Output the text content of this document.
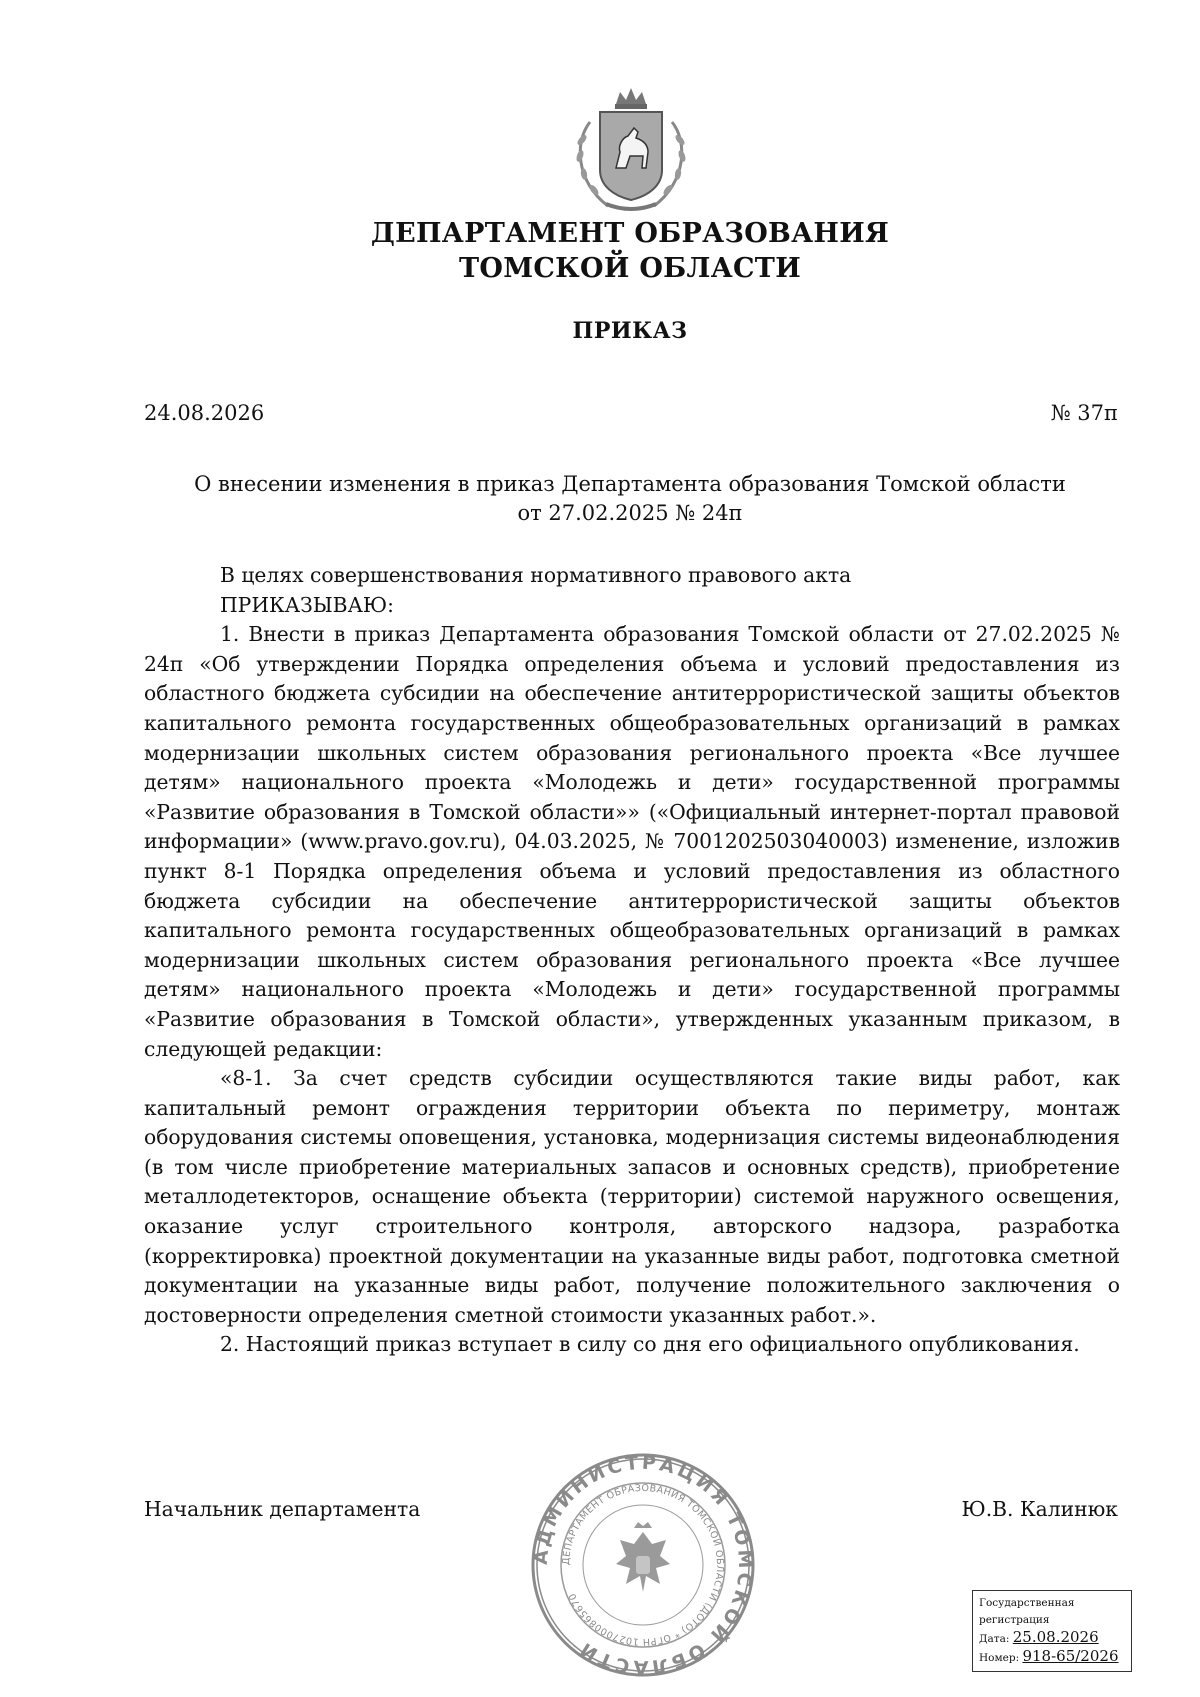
ДЕПАРТАМЕНТ ОБРАЗОВАНИЯ
ТОМСКОЙ ОБЛАСТИ
ПРИКАЗ
24.08.2026	№ 37п
О внесении изменения в приказ Департамента образования Томской области
от 27.02.2025 № 24п

В целях совершенствования нормативного правового акта

ПРИКАЗЫВАЮ:

1. Внести в приказ Департамента образования Томской области от 27.02.2025 № 24п «Об утверждении Порядка определения объема и условий предоставления из областного бюджета субсидии на обеспечение антитеррористической защиты объектов капитального ремонта государственных общеобразовательных организаций в рамках модернизации школьных систем образования регионального проекта «Все лучшее детям» национального проекта «Молодежь и дети» государственной программы «Развитие образования в Томской области»» («Официальный интернет-портал правовой информации» (www.pravo.gov.ru), 04.03.2025, № 7001202503040003) изменение, изложив пункт 8-1 Порядка определения объема и условий предоставления из областного бюджета субсидии на обеспечение антитеррористической защиты объектов капитального ремонта государственных общеобразовательных организаций в рамках модернизации школьных систем образования регионального проекта «Все лучшее детям» национального проекта «Молодежь и дети» государственной программы «Развитие образования в Томской области», утвержденных указанным приказом, в следующей редакции:

«8-1. За счет средств субсидии осуществляются такие виды работ, как капитальный ремонт ограждения территории объекта по периметру, монтаж оборудования системы оповещения, установка, модернизация системы видеонаблюдения (в том числе приобретение материальных запасов и основных средств), приобретение металлодетекторов, оснащение объекта (территории) системой наружного освещения, оказание услуг строительного контроля, авторского надзора, разработка (корректировка) проектной документации на указанные виды работ, подготовка сметной документации на указанные виды работ, получение положительного заключения о достоверности определения сметной стоимости указанных работ.».

2. Настоящий приказ вступает в силу со дня его официального опубликования.

Начальник департамента	Ю.В. Калинюк
АДМИНИСТРАЦИЯ ТОМСКОЙ ОБЛАСТИ
ДЕПАРТАМЕНТ ОБРАЗОВАНИЯ ТОМСКОЙ ОБЛАСТИ (ДОТО) * ОГРН 1027000865670
Государственная регистрация
Дата: 25.08.2026
Номер: 918-65/2026
